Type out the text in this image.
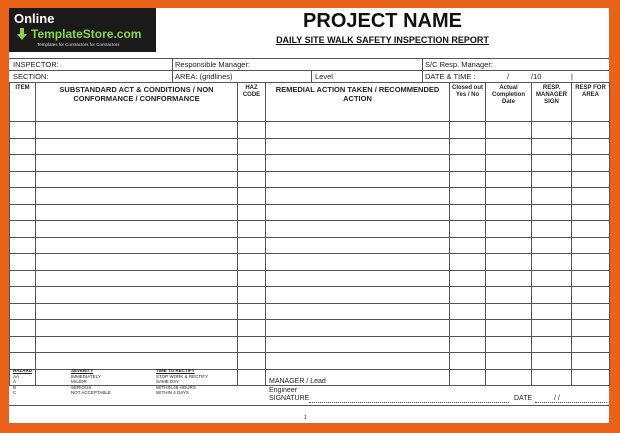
Online
TemplateStore.com
Templates for Contractors for Contractors
PROJECT NAME
DAILY SITE WALK SAFETY INSPECTION REPORT
INSPECTOR:	Responsible Manager:	S/C Resp. Manager:
SECTION:	AREA: (gridlines)	Level	DATE & TIME :	/	/10	|
ITEM	SUBSTANDARD ACT & CONDITIONS / NON CONFORMANCE / CONFORMANCE	HAZ CODE	REMEDIAL ACTION TAKEN / RECOMMENDED ACTION	Closed out Yes / No	Actual Completion Date	RESP. MANAGER SIGN	RESP FOR AREA

HAZARD	SEVERITY	TIME TO RECTIFY
AA	IMMEDIATELY	STOP WORK & RECTIFY
A	MAJOR	SAME DAY
B	SERIOUS	WITHIN 48 HOURS
C	NOT ACCEPTABLE	WITHIN 4 DAYS
MANAGER / Lead
Engineer
SIGNATURE	DATE	/ /
1
